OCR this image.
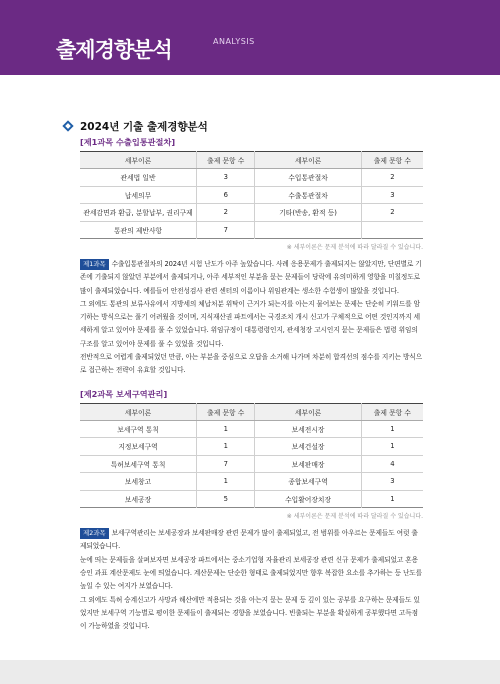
출제경향분석	ANALYSIS
2024년 기출 출제경향분석
[제1과목 수출입통관절차]
세부이론	출제 문항 수	세부이론	출제 문항 수
관세법 일반	3	수입통관절차	2
납세의무	6	수출통관절차	3
관세감면과 환급, 분할납부, 권리구제	2	기타(반송, 환적 등)	2
통관의 제반사항	7		
※ 세부이론은 문제 분석에 따라 달라질 수 있습니다.

제1과목 수출입통관절차의 2024년 시험 난도가 아주 높았습니다. 사례 응용문제가 출제되지는 않았지만, 단편별로 기존에 기출되지 않았던 부분에서 출제되거나, 아주 세부적인 부분을 묻는 문제들이 당락에 유의미하게 영향을 미칠정도로 많이 출제되었습니다. 예를들어 안전성검사 관련 센터의 이름이나 위임관계는 생소한 수험생이 많았을 것입니다.

그 외에도 통관의 보류사유에서 지방세의 체납처분 위탁이 근거가 되는지를 아는지 물어보는 문제는 단순히 키워드를 암기하는 방식으로는 풀기 어려웠을 것이며, 지식재산권 파트에서는 국경조치 개시 신고가 구체적으로 어떤 것인지까지 세세하게 알고 있어야 문제를 풀 수 있었습니다. 위임규정이 대통령령인지, 관세청장 고시인지 묻는 문제들은 법령 위임의 구조를 알고 있어야 문제를 풀 수 있었을 것입니다.

전반적으로 어렵게 출제되었던 만큼, 아는 부분을 중심으로 오답을 소거해 나가며 차분히 합격선의 점수를 지키는 방식으로 접근하는 전략이 유효할 것입니다.

[제2과목 보세구역관리]
세부이론	출제 문항 수	세부이론	출제 문항 수
보세구역 통칙	1	보세전시장	1
지정보세구역	1	보세건설장	1
특허보세구역 통칙	7	보세판매장	4
보세창고	1	종합보세구역	3
보세공장	5	수입활어장치장	1
※ 세부이론은 문제 분석에 따라 달라질 수 있습니다.

제2과목 보세구역관리는 보세공장과 보세판매장 관련 문제가 많이 출제되었고, 전 범위를 아우르는 문제들도 여럿 출제되었습니다.

눈에 띄는 문제들을 살펴보자면 보세공장 파트에서는 중소기업형 자율관리 보세공장 관련 신규 문제가 출제되었고 혼용승인 과표 계산문제도 눈에 띄었습니다. 계산문제는 단순한 형태로 출제되었지만 향후 복잡한 요소를 추가하는 등 난도를 높일 수 있는 여지가 보였습니다.

그 외에도 특허 승계신고가 사망과 해산에만 적용되는 것을 아는지 묻는 문제 등 깊이 있는 공부를 요구하는 문제들도 있었지만 보세구역 기능별로 평이한 문제들이 출제되는 경향을 보였습니다. 빈출되는 부분을 확실하게 공부했다면 고득점이 가능하였을 것입니다.
